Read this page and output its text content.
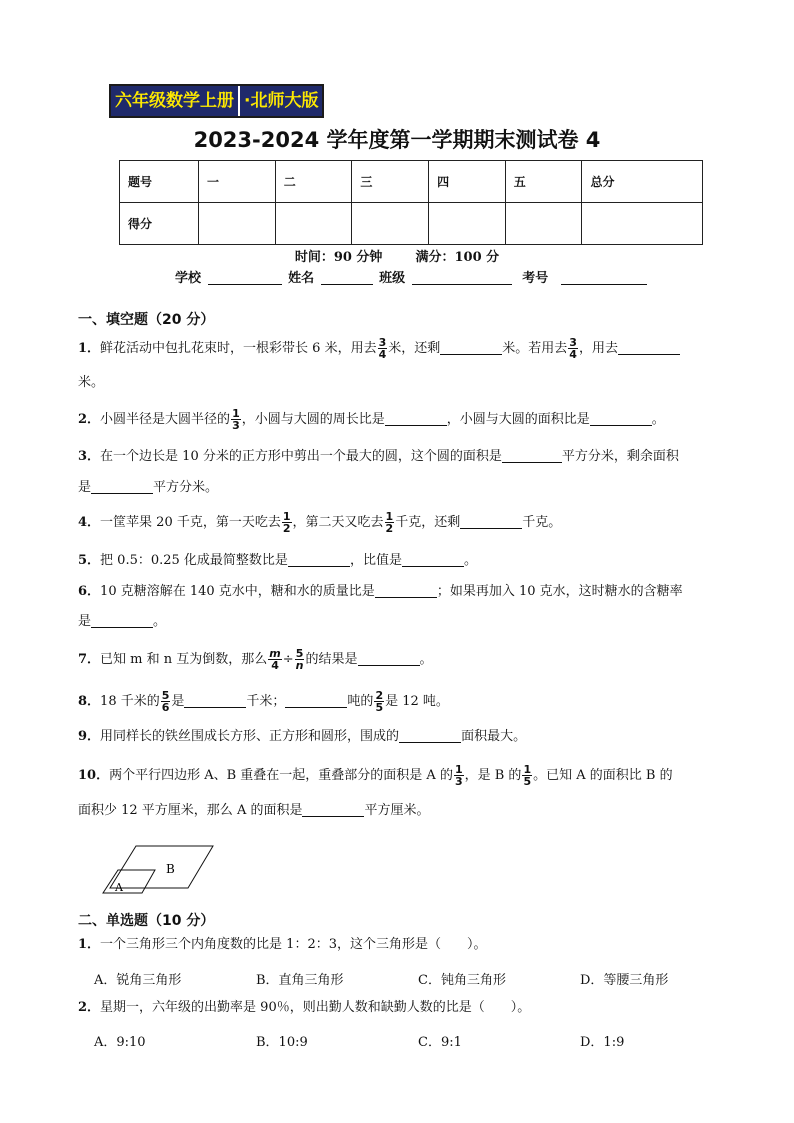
六年级数学上册 ·北师大版
2023-2024 学年度第一学期期末测试卷 4
题号	一	二	三	四	五	总分
得分						
时间：90 分钟	满分：100 分
学校	姓名	班级	考号
一、填空题（20 分）
1．鲜花活动中包扎花束时，一根彩带长 6 米，用去 $\frac{3}{4}$ 米，还剩	米。若用去 $\frac{3}{4}$ ，用去
米。
2．小圆半径是大圆半径的 $\frac{1}{3}$ ，小圆与大圆的周长比是	，小圆与大圆的面积比是	。
3．在一个边长是 10 分米的正方形中剪出一个最大的圆，这个圆的面积是	平方分米，剩余面积
是	平方分米。
4．一筐苹果 20 千克，第一天吃去 $\frac{1}{2}$ ，第二天又吃去 $\frac{1}{2}$ 千克，还剩	千克。
5．把 0.5：0.25 化成最简整数比是	，比值是	。
6．10 克糖溶解在 140 克水中，糖和水的质量比是	；如果再加入 10 克水，这时糖水的含糖率
是	。
7．已知 m 和 n 互为倒数，那么 $\frac{m}{4} \div \frac{5}{n}$ 的结果是	。
8．18 千米的 $\frac{5}{6}$ 是	千米；	吨的 $\frac{2}{5}$ 是 12 吨。
9．用同样长的铁丝围成长方形、正方形和圆形，围成的	面积最大。
10．两个平行四边形 A、B 重叠在一起，重叠部分的面积是 A 的 $\frac{1}{3}$ ，是 B 的 $\frac{1}{5}$ 。已知 A 的面积比 B 的
面积少 12 平方厘米，那么 A 的面积是	平方厘米。
B
A
二、单选题（10 分）
1．一个三角形三个内角度数的比是 1：2：3，这个三角形是（　　）。
A．锐角三角形	B．直角三角形	C．钝角三角形	D．等腰三角形
2．星期一，六年级的出勤率是 90％，则出勤人数和缺勤人数的比是（　　）。
A．9:10	B．10:9	C．9:1	D．1:9
